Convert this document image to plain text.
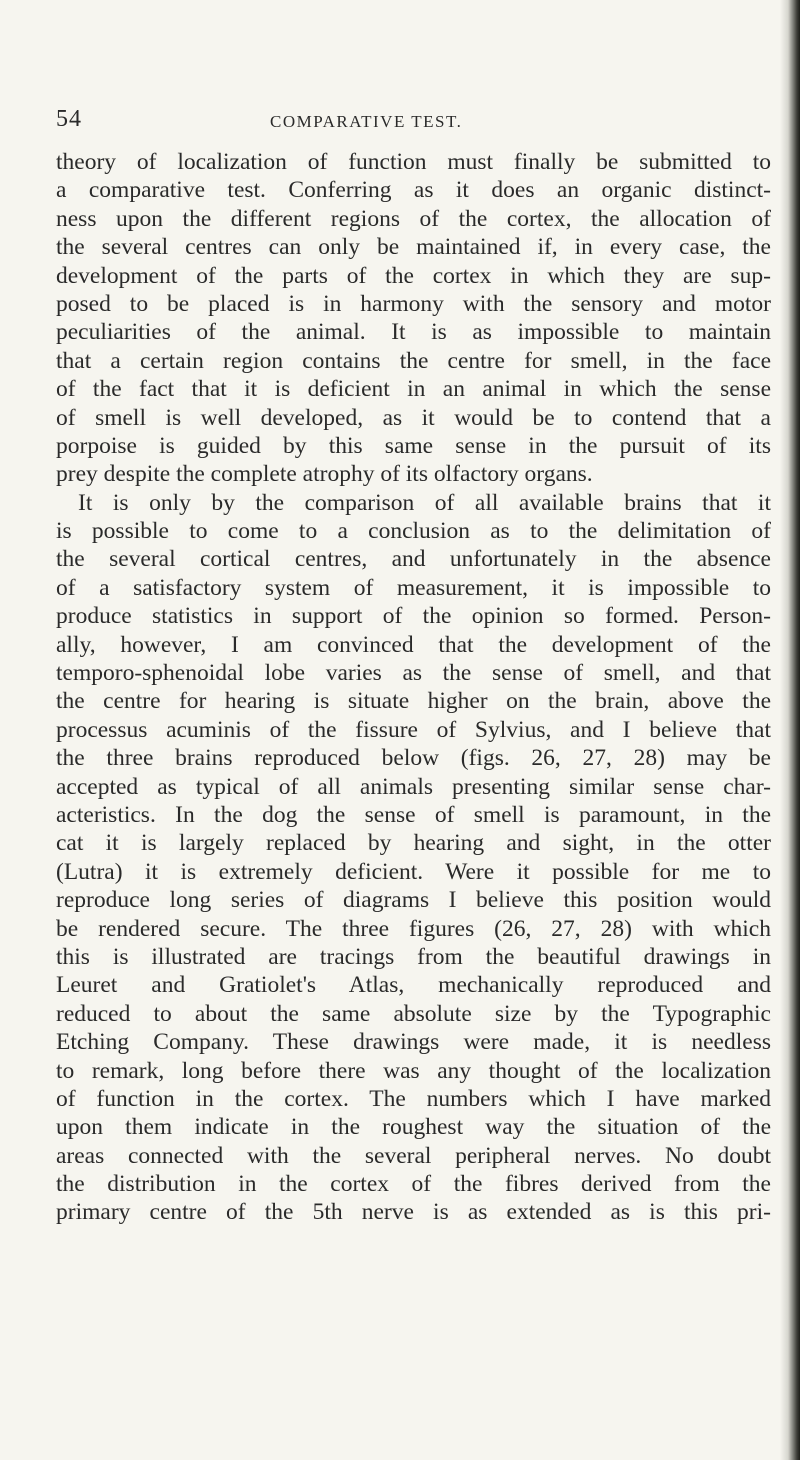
54	COMPARATIVE TEST.
theory of localization of function must finally be submitted to
a comparative test. Conferring as it does an organic distinct-
ness upon the different regions of the cortex, the allocation of
the several centres can only be maintained if, in every case, the
development of the parts of the cortex in which they are sup-
posed to be placed is in harmony with the sensory and motor
peculiarities of the animal. It is as impossible to maintain
that a certain region contains the centre for smell, in the face
of the fact that it is deficient in an animal in which the sense
of smell is well developed, as it would be to contend that a
porpoise is guided by this same sense in the pursuit of its
prey despite the complete atrophy of its olfactory organs.
It is only by the comparison of all available brains that it
is possible to come to a conclusion as to the delimitation of
the several cortical centres, and unfortunately in the absence
of a satisfactory system of measurement, it is impossible to
produce statistics in support of the opinion so formed. Person-
ally, however, I am convinced that the development of the
temporo-sphenoidal lobe varies as the sense of smell, and that
the centre for hearing is situate higher on the brain, above the
processus acuminis of the fissure of Sylvius, and I believe that
the three brains reproduced below (figs. 26, 27, 28) may be
accepted as typical of all animals presenting similar sense char-
acteristics. In the dog the sense of smell is paramount, in the
cat it is largely replaced by hearing and sight, in the otter
(Lutra) it is extremely deficient. Were it possible for me to
reproduce long series of diagrams I believe this position would
be rendered secure. The three figures (26, 27, 28) with which
this is illustrated are tracings from the beautiful drawings in
Leuret and Gratiolet's Atlas, mechanically reproduced and
reduced to about the same absolute size by the Typographic
Etching Company. These drawings were made, it is needless
to remark, long before there was any thought of the localization
of function in the cortex. The numbers which I have marked
upon them indicate in the roughest way the situation of the
areas connected with the several peripheral nerves. No doubt
the distribution in the cortex of the fibres derived from the
primary centre of the 5th nerve is as extended as is this pri-
